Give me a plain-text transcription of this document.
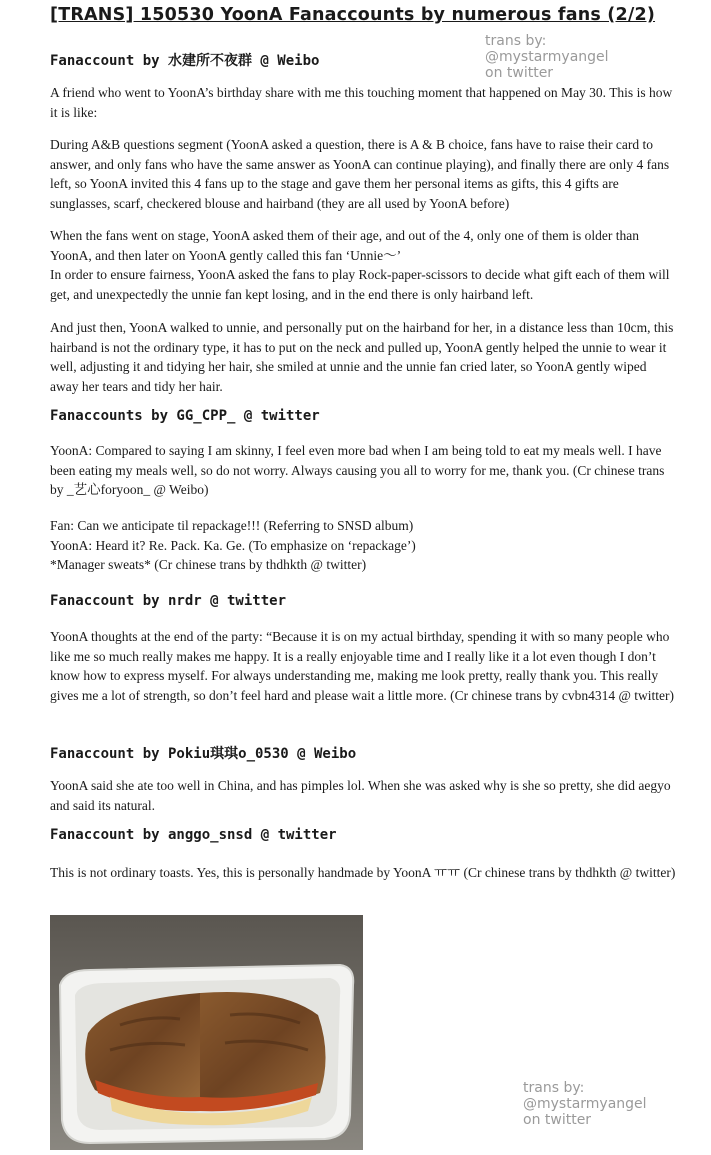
[TRANS] 150530 YoonA Fanaccounts by numerous fans (2/2)
trans by:
@mystarmyangel
on twitter
Fanaccount by 水建所不夜群 @ Weibo

A friend who went to YoonA’s birthday share with me this touching moment that happened on May 30. This is how it is like:

During A&B questions segment (YoonA asked a question, there is A & B choice, fans have to raise their card to answer, and only fans who have the same answer as YoonA can continue playing), and finally there are only 4 fans left, so YoonA invited this 4 fans up to the stage and gave them her personal items as gifts, this 4 gifts are sunglasses, scarf, checkered blouse and hairband (they are all used by YoonA before)

When the fans went on stage, YoonA asked them of their age, and out of the 4, only one of them is older than YoonA, and then later on YoonA gently called this fan ‘Unnie～’
In order to ensure fairness, YoonA asked the fans to play Rock-paper-scissors to decide what gift each of them will get, and unexpectedly the unnie fan kept losing, and in the end there is only hairband left.

And just then, YoonA walked to unnie, and personally put on the hairband for her, in a distance less than 10cm, this hairband is not the ordinary type, it has to put on the neck and pulled up, YoonA gently helped the unnie to wear it well, adjusting it and tidying her hair, she smiled at unnie and the unnie fan cried later, so YoonA gently wiped away her tears and tidy her hair.

Fanaccounts by GG_CPP_ @ twitter

YoonA: Compared to saying I am skinny, I feel even more bad when I am being told to eat my meals well. I have been eating my meals well, so do not worry. Always causing you all to worry for me, thank you. (Cr chinese trans by _艺心foryoon_ @ Weibo)

Fan: Can we anticipate til repackage!!! (Referring to SNSD album)
YoonA: Heard it? Re. Pack. Ka. Ge. (To emphasize on ‘repackage’)
*Manager sweats* (Cr chinese trans by thdhkth @ twitter)

Fanaccount by nrdr @ twitter

YoonA thoughts at the end of the party: “Because it is on my actual birthday, spending it with so many people who like me so much really makes me happy. It is a really enjoyable time and I really like it a lot even though I don’t know how to express myself. For always understanding me, making me look pretty, really thank you. This really gives me a lot of strength, so don’t feel hard and please wait a little more. (Cr chinese trans by cvbn4314 @ twitter)

Fanaccount by Pokiu琪琪o_0530 @ Weibo

YoonA said she ate too well in China, and has pimples lol. When she was asked why is she so pretty, she did aegyo and said its natural.

Fanaccount by anggo_snsd @ twitter

This is not ordinary toasts. Yes, this is personally handmade by YoonA ㅠㅠ (Cr chinese trans by thdhkth @ twitter)

trans by:
@mystarmyangel
on twitter
